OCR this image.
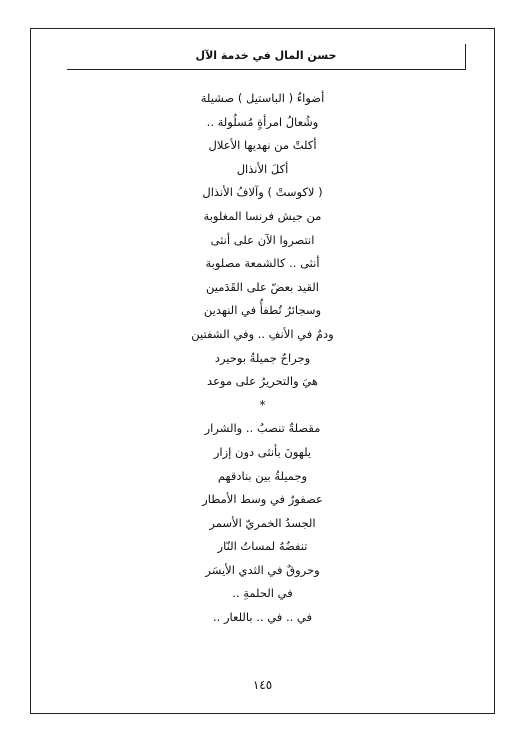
حسن المال في خدمة الآل
أضواءُ ( الباستيل ) صشيلة
وشُعالُ امرأةٍ مُسلُولة ..
أكلتْ من نهديها الأعلال
أكلَ الأنذال
( لاكوستْ ) وآلافُ الأنذال
من جيش فرنسا المغلوبة
انتصروا الآن على أنثى
أنثى .. كالشمعة مصلوبة
القيد بعضّ على القَدَمين
وسجائرُ تُطفأُ في النهدين
ودمٌ في الأنفِ .. وفي الشفتين
وجراحٌ جميلةُ بوحيرد
هيَ والتحريرُ على موعد
*
مقصلةٌ تنصبُ .. والشرار
يلهونَ بأنثى دون إزار
وجميلةُ بين بنادقهم
عصفورٌ في وسط الأمطار
الجسدُ الخمريّ الأسمر
تنفضُهُ لمساتُ النّار
وحروقٌ في الثدي الأيسَر
في الحلمةِ ..
في .. في .. باللعار ..
١٤٥
